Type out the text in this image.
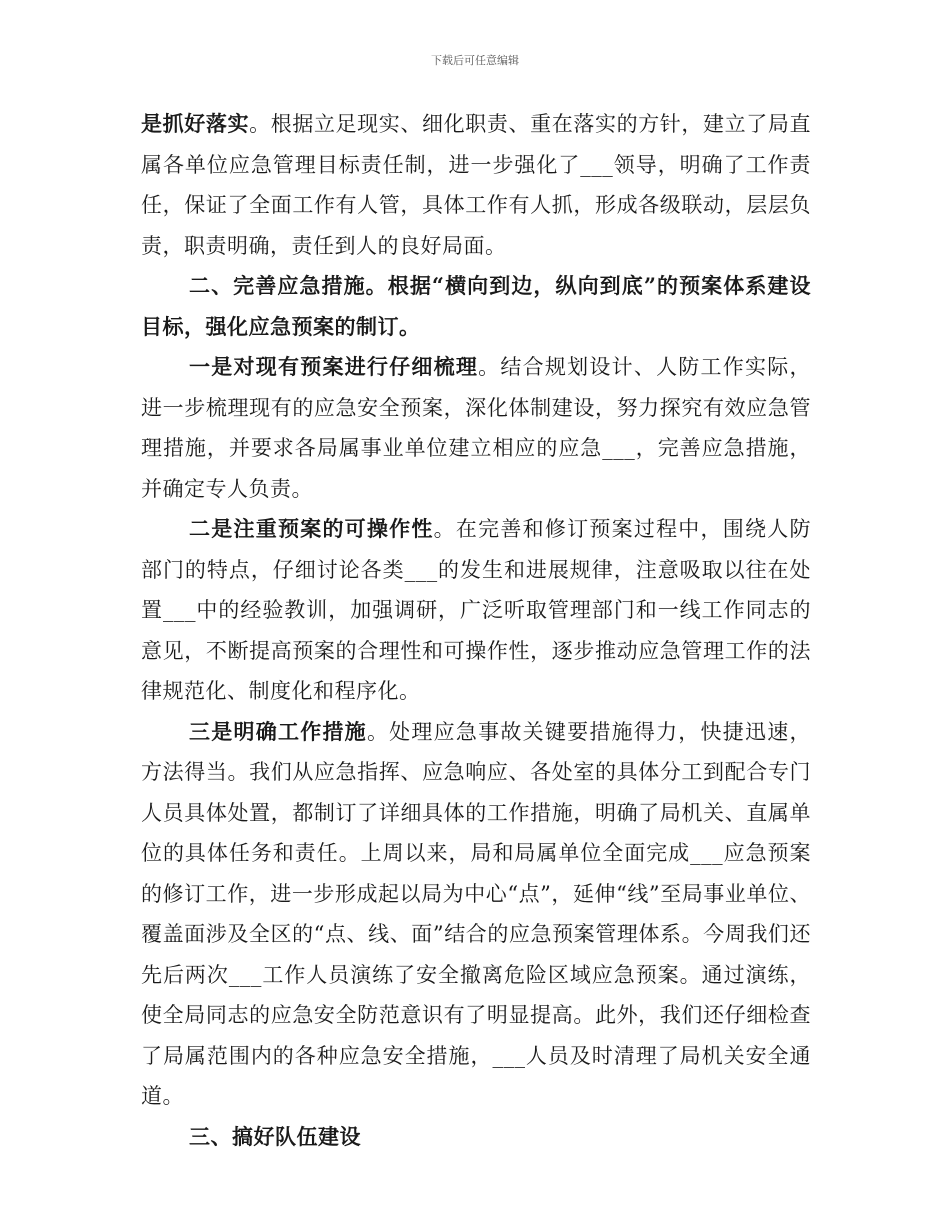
下载后可任意编辑

是抓好落实。根据立足现实、细化职责、重在落实的方针，建立了局直属各单位应急管理目标责任制，进一步强化了___领导，明确了工作责任，保证了全面工作有人管，具体工作有人抓，形成各级联动，层层负责，职责明确，责任到人的良好局面。

二、完善应急措施。根据“横向到边，纵向到底”的预案体系建设目标，强化应急预案的制订。

一是对现有预案进行仔细梳理。结合规划设计、人防工作实际，进一步梳理现有的应急安全预案，深化体制建设，努力探究有效应急管理措施，并要求各局属事业单位建立相应的应急___，完善应急措施，并确定专人负责。

二是注重预案的可操作性。在完善和修订预案过程中，围绕人防部门的特点，仔细讨论各类___的发生和进展规律，注意吸取以往在处置___中的经验教训，加强调研，广泛听取管理部门和一线工作同志的意见，不断提高预案的合理性和可操作性，逐步推动应急管理工作的法律规范化、制度化和程序化。

三是明确工作措施。处理应急事故关键要措施得力，快捷迅速，方法得当。我们从应急指挥、应急响应、各处室的具体分工到配合专门人员具体处置，都制订了详细具体的工作措施，明确了局机关、直属单位的具体任务和责任。上周以来，局和局属单位全面完成___应急预案的修订工作，进一步形成起以局为中心“点”，延伸“线”至局事业单位、覆盖面涉及全区的“点、线、面”结合的应急预案管理体系。今周我们还先后两次___工作人员演练了安全撤离危险区域应急预案。通过演练，使全局同志的应急安全防范意识有了明显提高。此外，我们还仔细检查了局属范围内的各种应急安全措施，___人员及时清理了局机关安全通道。

三、搞好队伍建设
